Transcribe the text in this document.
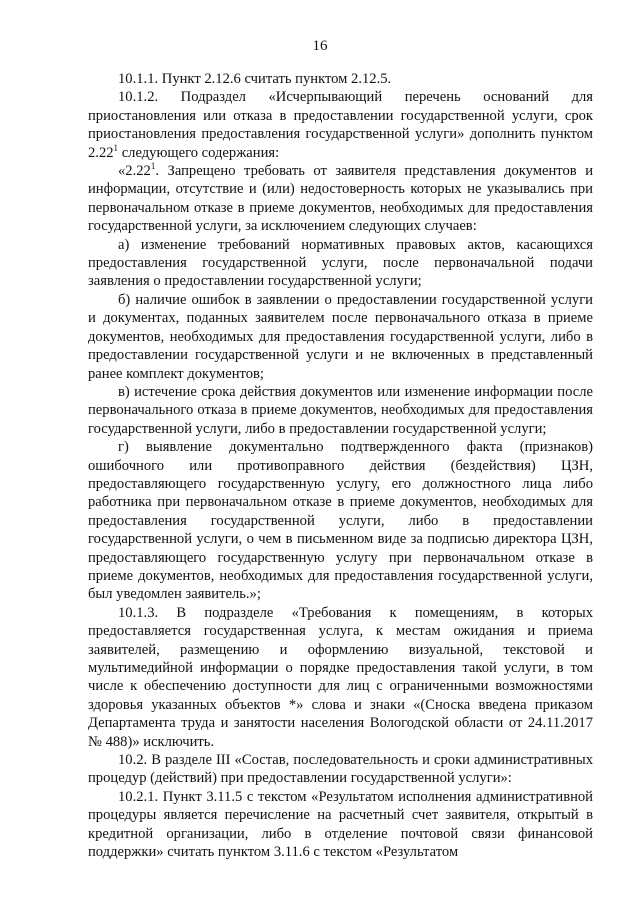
16

10.1.1. Пункт 2.12.6 считать пунктом 2.12.5.

10.1.2. Подраздел «Исчерпывающий перечень оснований для приостановления или отказа в предоставлении государственной услуги, срок приостановления предоставления государственной услуги» дополнить пунктом 2.22$^1$ следующего содержания:

«2.22$^1$. Запрещено требовать от заявителя представления документов и информации, отсутствие и (или) недостоверность которых не указывались при первоначальном отказе в приеме документов, необходимых для предоставления государственной услуги, за исключением следующих случаев:

а) изменение требований нормативных правовых актов, касающихся предоставления государственной услуги, после первоначальной подачи заявления о предоставлении государственной услуги;

б) наличие ошибок в заявлении о предоставлении государственной услуги и документах, поданных заявителем после первоначального отказа в приеме документов, необходимых для предоставления государственной услуги, либо в предоставлении государственной услуги и не включенных в представленный ранее комплект документов;

в) истечение срока действия документов или изменение информации после первоначального отказа в приеме документов, необходимых для предоставления государственной услуги, либо в предоставлении государственной услуги;

г) выявление документально подтвержденного факта (признаков) ошибочного или противоправного действия (бездействия) ЦЗН, предоставляющего государственную услугу, его должностного лица либо работника при первоначальном отказе в приеме документов, необходимых для предоставления государственной услуги, либо в предоставлении государственной услуги, о чем в письменном виде за подписью директора ЦЗН, предоставляющего государственную услугу при первоначальном отказе в приеме документов, необходимых для предоставления государственной услуги, был уведомлен заявитель.»;

10.1.3. В подразделе «Требования к помещениям, в которых предоставляется государственная услуга, к местам ожидания и приема заявителей, размещению и оформлению визуальной, текстовой и мультимедийной информации о порядке предоставления такой услуги, в том числе к обеспечению доступности для лиц с ограниченными возможностями здоровья указанных объектов *» слова и знаки «(Сноска введена приказом Департамента труда и занятости населения Вологодской области от 24.11.2017 № 488)» исключить.

10.2. В разделе III «Состав, последовательность и сроки административных процедур (действий) при предоставлении государственной услуги»:

10.2.1. Пункт 3.11.5 с текстом «Результатом исполнения административной процедуры является перечисление на расчетный счет заявителя, открытый в кредитной организации, либо в отделение почтовой связи финансовой поддержки» считать пунктом 3.11.6 с текстом «Результатом
